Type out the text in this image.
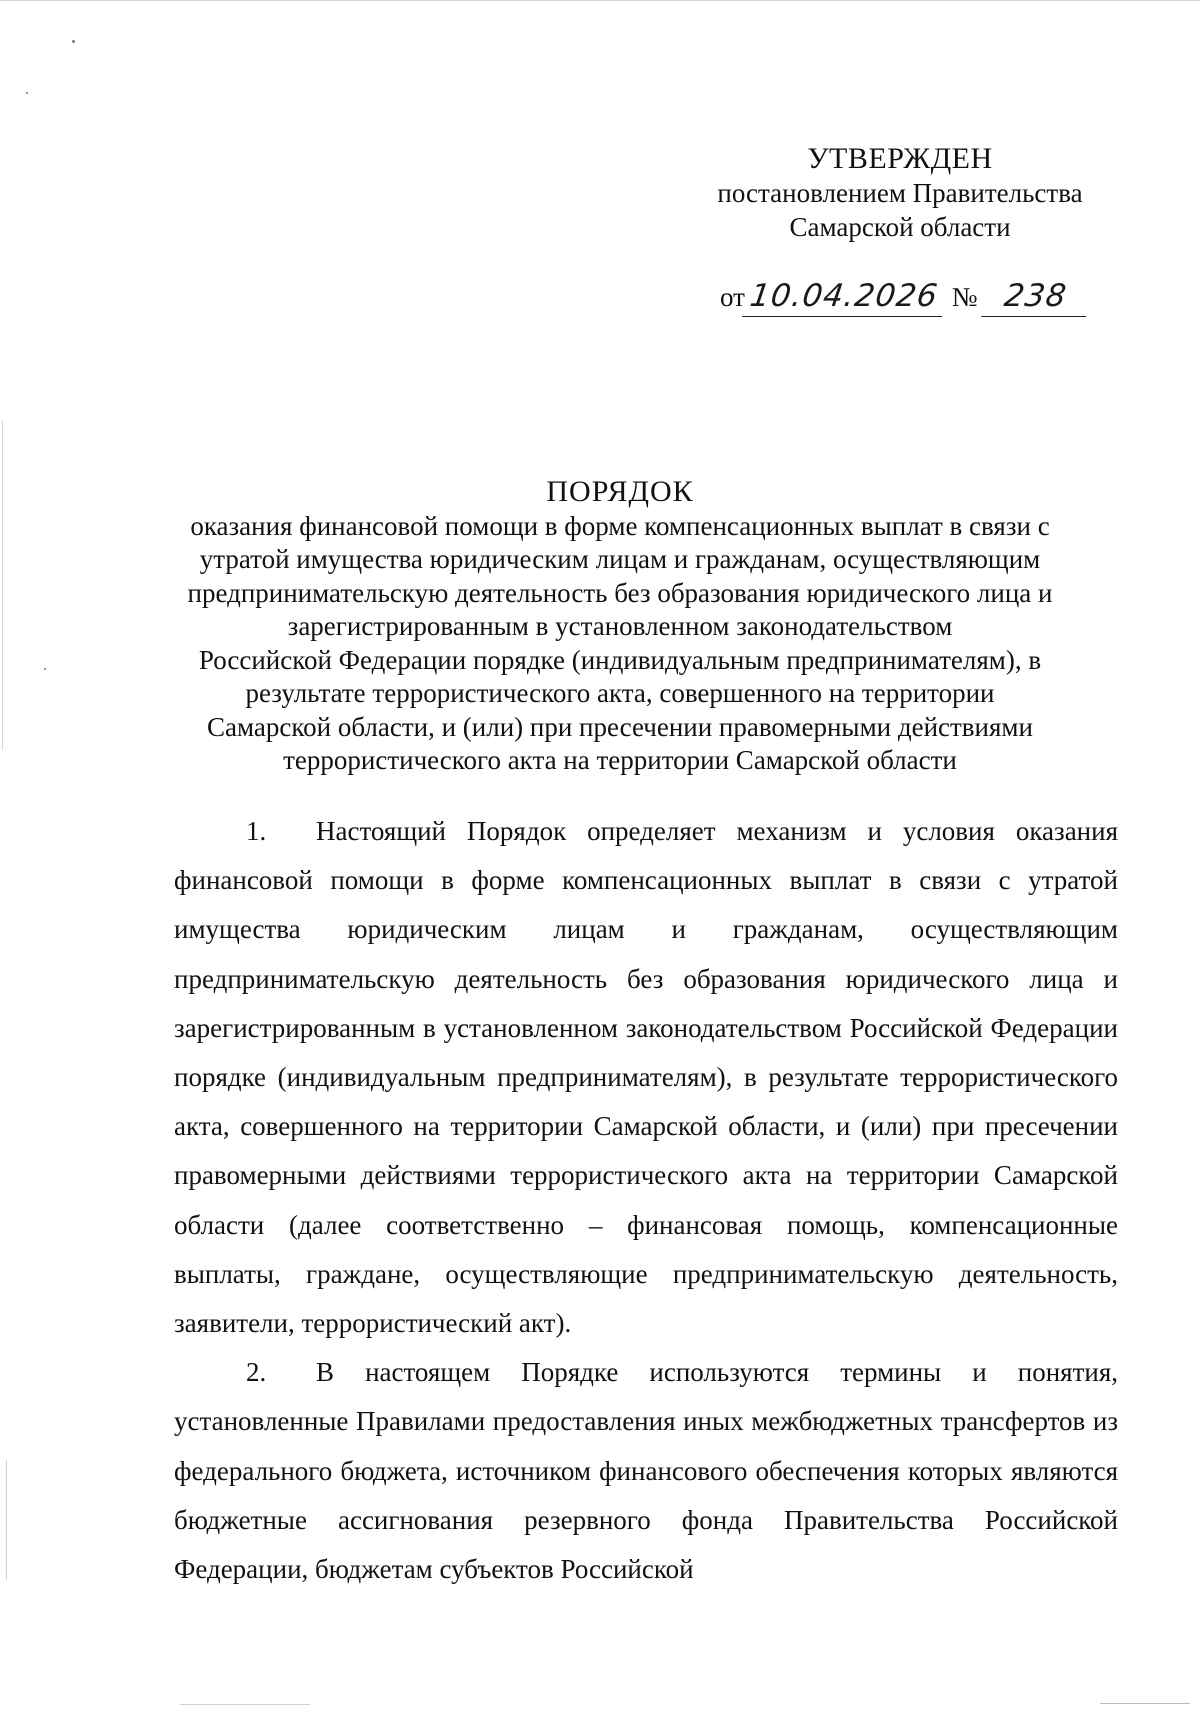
УТВЕРЖДЕН
постановлением Правительства
Самарской области
от10.04.2026 № 238
ПОРЯДОК
оказания финансовой помощи в форме компенсационных выплат в связи с
утратой имущества юридическим лицам и гражданам, осуществляющим
предпринимательскую деятельность без образования юридического лица и
зарегистрированным в установленном законодательством
Российской Федерации порядке (индивидуальным предпринимателям), в
результате террористического акта, совершенного на территории
Самарской области, и (или) при пресечении правомерными действиями
террористического акта на территории Самарской области

1. Настоящий Порядок определяет механизм и условия оказания финансовой помощи в форме компенсационных выплат в связи с утратой имущества юридическим лицам и гражданам, осуществляющим предпринимательскую деятельность без образования юридического лица и зарегистрированным в установленном законодательством Российской Федерации порядке (индивидуальным предпринимателям), в результате террористического акта, совершенного на территории Самарской области, и (или) при пресечении правомерными действиями террористического акта на территории Самарской области (далее соответственно – финансовая помощь, компенсационные выплаты, граждане, осуществляющие предпринимательскую деятельность, заявители, террористический акт).

2. В настоящем Порядке используются термины и понятия, установленные Правилами предоставления иных межбюджетных трансфертов из федерального бюджета, источником финансового обеспечения которых являются бюджетные ассигнования резервного фонда Правительства Российской Федерации, бюджетам субъектов Российской
